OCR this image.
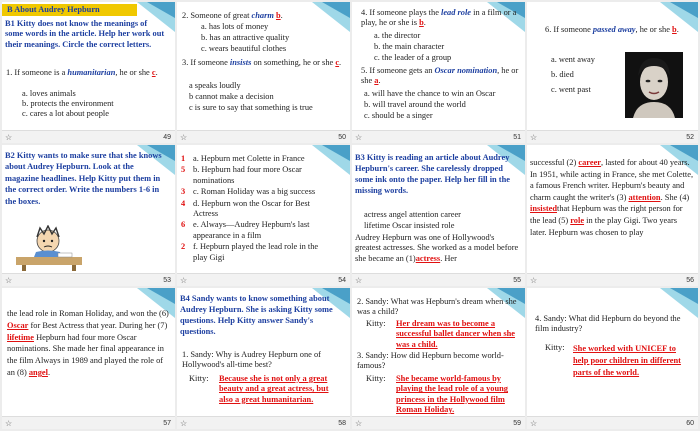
B About Audrey Hepburn
B1 Kitty does not know the meanings of some words in the article. Help her work out their meanings. Circle the correct letters.
1. If someone is a humanitarian, he or she c.
a. loves animals
b. protects the environment
c. cares a lot about people
☆	49
2. Someone of great charm b.
a. has lots of money
b. has an attractive quality
c. wears beautiful clothes
3. If someone insists on something, he or she c.
a speaks loudly
b cannot make a decision
c is sure to say that something is true
☆	50
4. If someone plays the lead role in a film or a play, he or she is b.
a. the director
b. the main character
c. the leader of a group
5. If someone gets an Oscar nomination, he or she a.
a. will have the chance to win an Oscar
b. will travel around the world
c. should be a singer
☆	51
6. If someone passed away, he or she b.
a. went away
b. died
c. went past
☆	52
B2 Kitty wants to make sure that she knows about Audrey Hepburn. Look at the magazine headlines. Help Kitty put them in the correct order. Write the numbers 1-6 in the boxes.
☆	53
1 a. Hepburn met Colette in France
5 b. Hepburn had four more Oscar nominations
3 c. Roman Holiday was a big success
4 d. Hepburn won the Oscar for Best Actress
6 e. Always—Audrey Hepburn's last appearance in a film
2 f. Hepburn played the lead role in the play Gigi
☆	54
B3 Kitty is reading an article about Audrey Hepburn's career. She carelessly dropped some ink onto the paper. Help her fill in the missing words.
actress angel attention career
lifetime Oscar insisted role
Audrey Hepburn was one of Hollywood's greatest actresses. She worked as a model before she became an (1)actress. Her
☆	55
successful (2) career, lasted for about 40 years. In 1951, while acting in France, she met Colette, a famous French writer. Hepburn's beauty and charm caught the writer's (3) attention. She (4) insistedthat Hepburn was the right person for the lead (5) role in the play Gigi. Two years later. Hepburn was chosen to play
☆	56
the lead role in Roman Holiday, and won the (6) Oscar for Best Actress that year. During her (7) lifetime Hepburn had four more Oscar nominations. She made her final appearance in the film Always in 1989 and played the role of an (8) angel.
☆	57
B4 Sandy wants to know something about Audrey Hepburn. She is asking Kitty some questions. Help Kitty answer Sandy's questions.
1. Sandy: Why is Audrey Hepburn one of Hollywood's all-time best?
Kitty: Because she is not only a great beauty and a great actress, but also a great humanitarian.
☆	58
2. Sandy: What was Hepburn's dream when she was a child?
Kitty: Her dream was to become a successful ballet dancer when she was a child.
3. Sandy: How did Hepburn become world-famous?
Kitty: She became world-famous by playing the lead role of a young princess in the Hollywood film Roman Holiday.
☆	59
4. Sandy: What did Hepburn do beyond the film industry?
Kitty: She worked with UNICEF to help poor children in different parts of the world.
☆	60
